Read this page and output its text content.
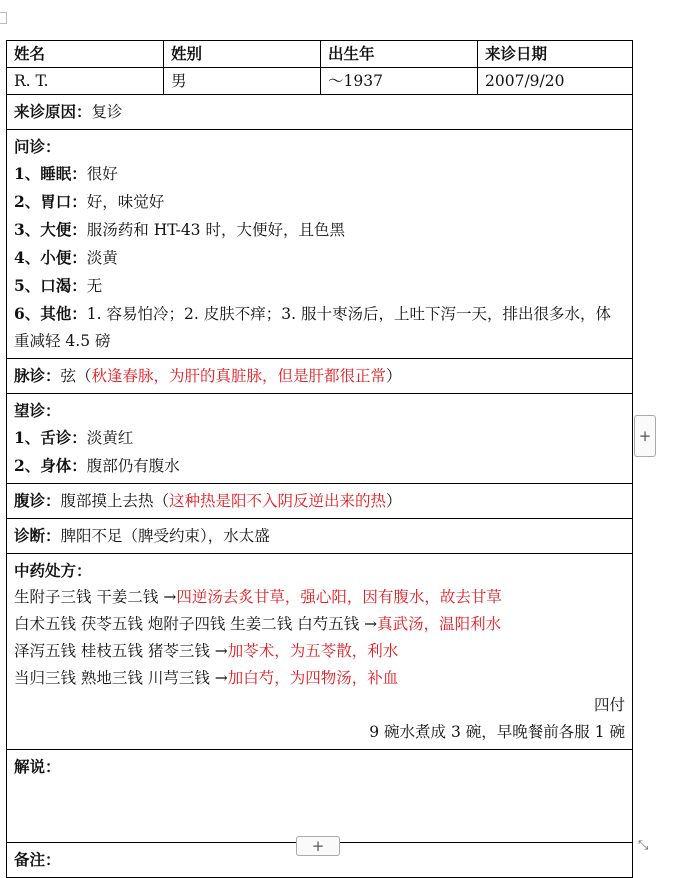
姓名	姓别	出生年	来诊日期
R. T.	男	～1937	2007/9/20
来诊原因：复诊
问诊：
1、睡眠：很好
2、胃口：好，味觉好
3、大便：服汤药和 HT-43 时，大便好，且色黑
4、小便：淡黄
5、口渴：无
6、其他：1. 容易怕冷；2. 皮肤不痒；3. 服十枣汤后，上吐下泻一天，排出很多水，体重减轻 4.5 磅
脉诊：弦（秋逢春脉，为肝的真脏脉，但是肝都很正常）
望诊：
1、舌诊：淡黄红
2、身体：腹部仍有腹水
腹诊：腹部摸上去热（这种热是阳不入阴反逆出来的热）
诊断：脾阳不足（脾受约束），水太盛
中药处方：
生附子三钱 干姜二钱 →四逆汤去炙甘草，强心阳，因有腹水，故去甘草
白术五钱 茯苓五钱 炮附子四钱 生姜二钱 白芍五钱 →真武汤，温阳利水
泽泻五钱 桂枝五钱 猪苓三钱 →加苓术，为五苓散，利水
当归三钱 熟地三钱 川芎三钱 →加白芍，为四物汤，补血
四付
9 碗水煮成 3 碗，早晚餐前各服 1 碗
解说：
备注：
+
+	⤡
